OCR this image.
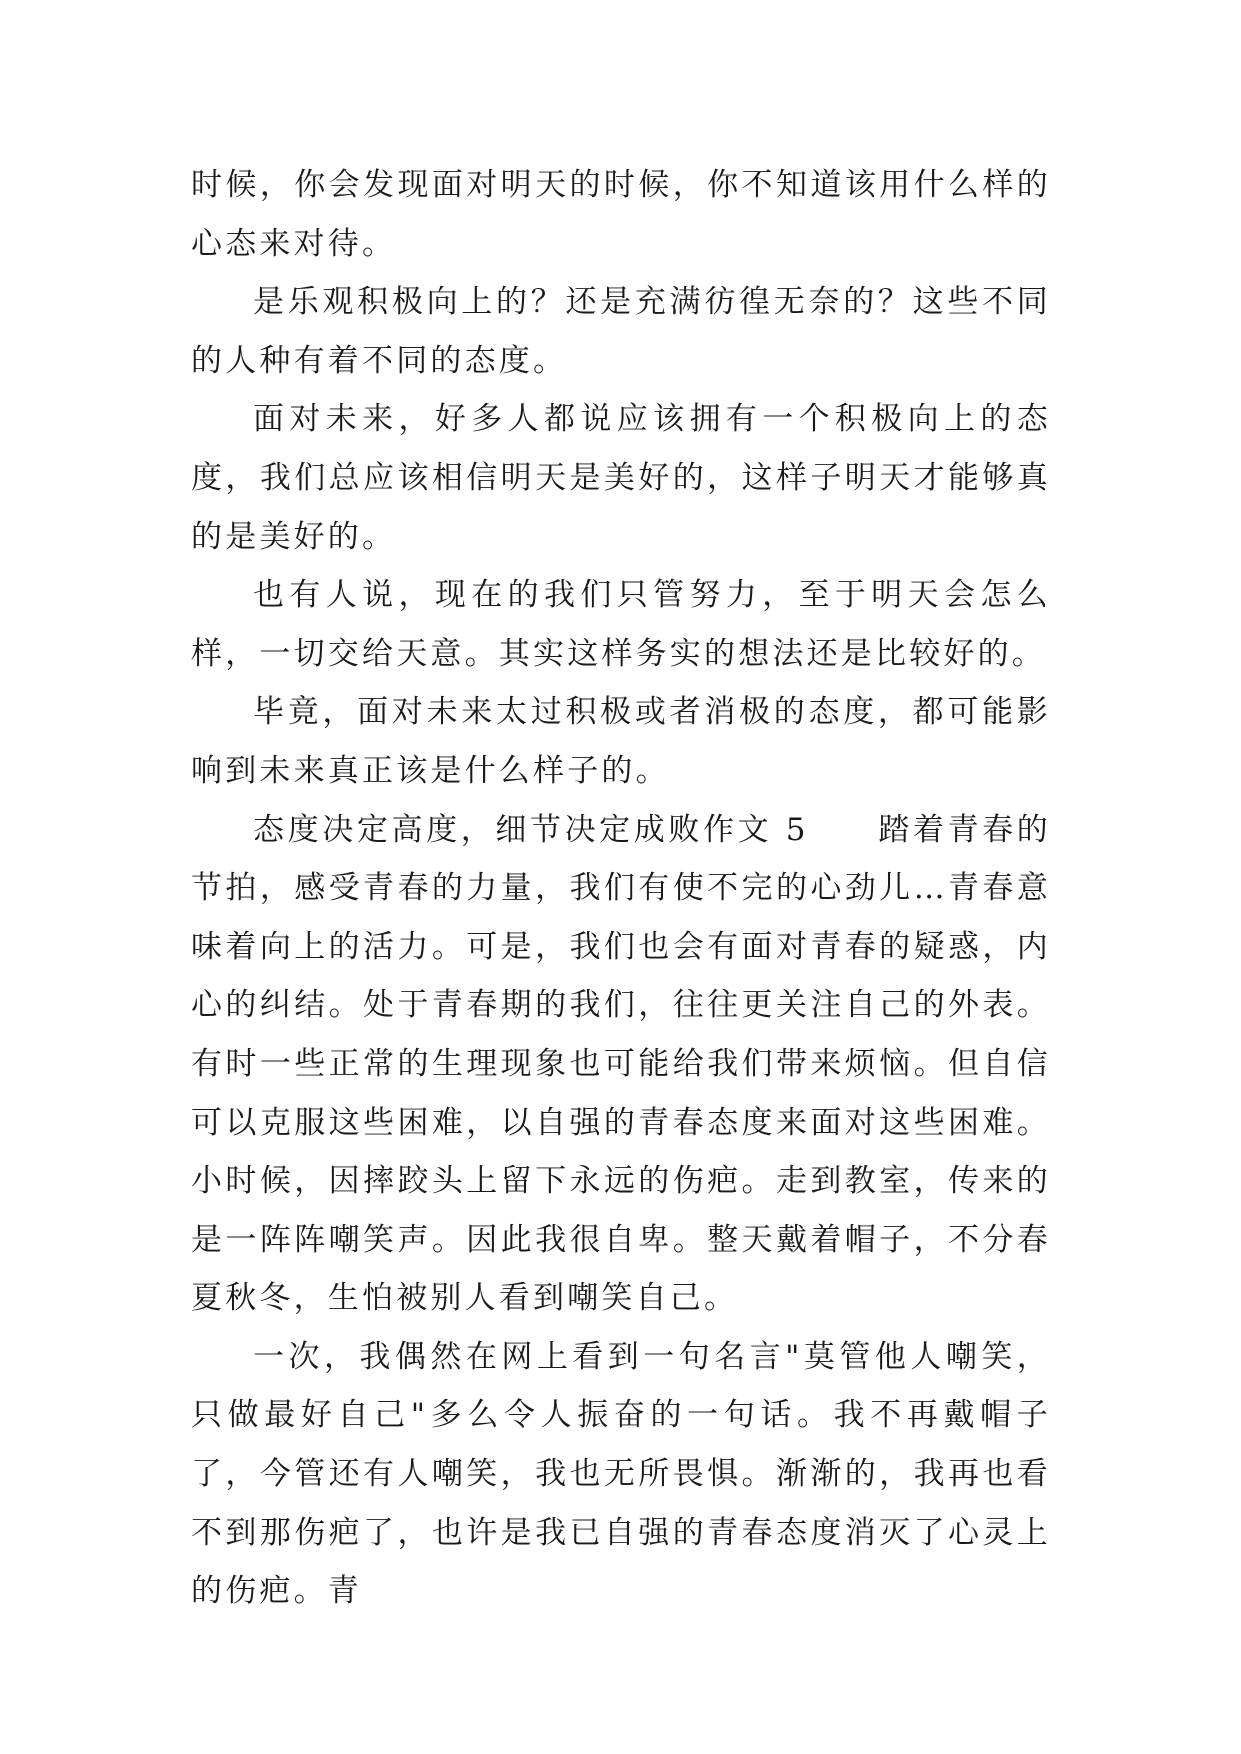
时候，你会发现面对明天的时候，你不知道该用什么样的心态来对待。

是乐观积极向上的？还是充满彷徨无奈的？这些不同的人种有着不同的态度。

面对未来，好多人都说应该拥有一个积极向上的态度，我们总应该相信明天是美好的，这样子明天才能够真的是美好的。

也有人说，现在的我们只管努力，至于明天会怎么样，一切交给天意。其实这样务实的想法还是比较好的。

毕竟，面对未来太过积极或者消极的态度，都可能影响到未来真正该是什么样子的。

态度决定高度，细节决定成败作文 5　　踏着青春的节拍，感受青春的力量，我们有使不完的心劲儿…青春意味着向上的活力。可是，我们也会有面对青春的疑惑，内心的纠结。处于青春期的我们，往往更关注自己的外表。有时一些正常的生理现象也可能给我们带来烦恼。但自信可以克服这些困难，以自强的青春态度来面对这些困难。小时候，因摔跤头上留下永远的伤疤。走到教室，传来的是一阵阵嘲笑声。因此我很自卑。整天戴着帽子，不分春夏秋冬，生怕被别人看到嘲笑自己。

一次，我偶然在网上看到一句名言"莫管他人嘲笑，只做最好自己"多么令人振奋的一句话。我不再戴帽子了，今管还有人嘲笑，我也无所畏惧。渐渐的，我再也看不到那伤疤了，也许是我已自强的青春态度消灭了心灵上的伤疤。青
